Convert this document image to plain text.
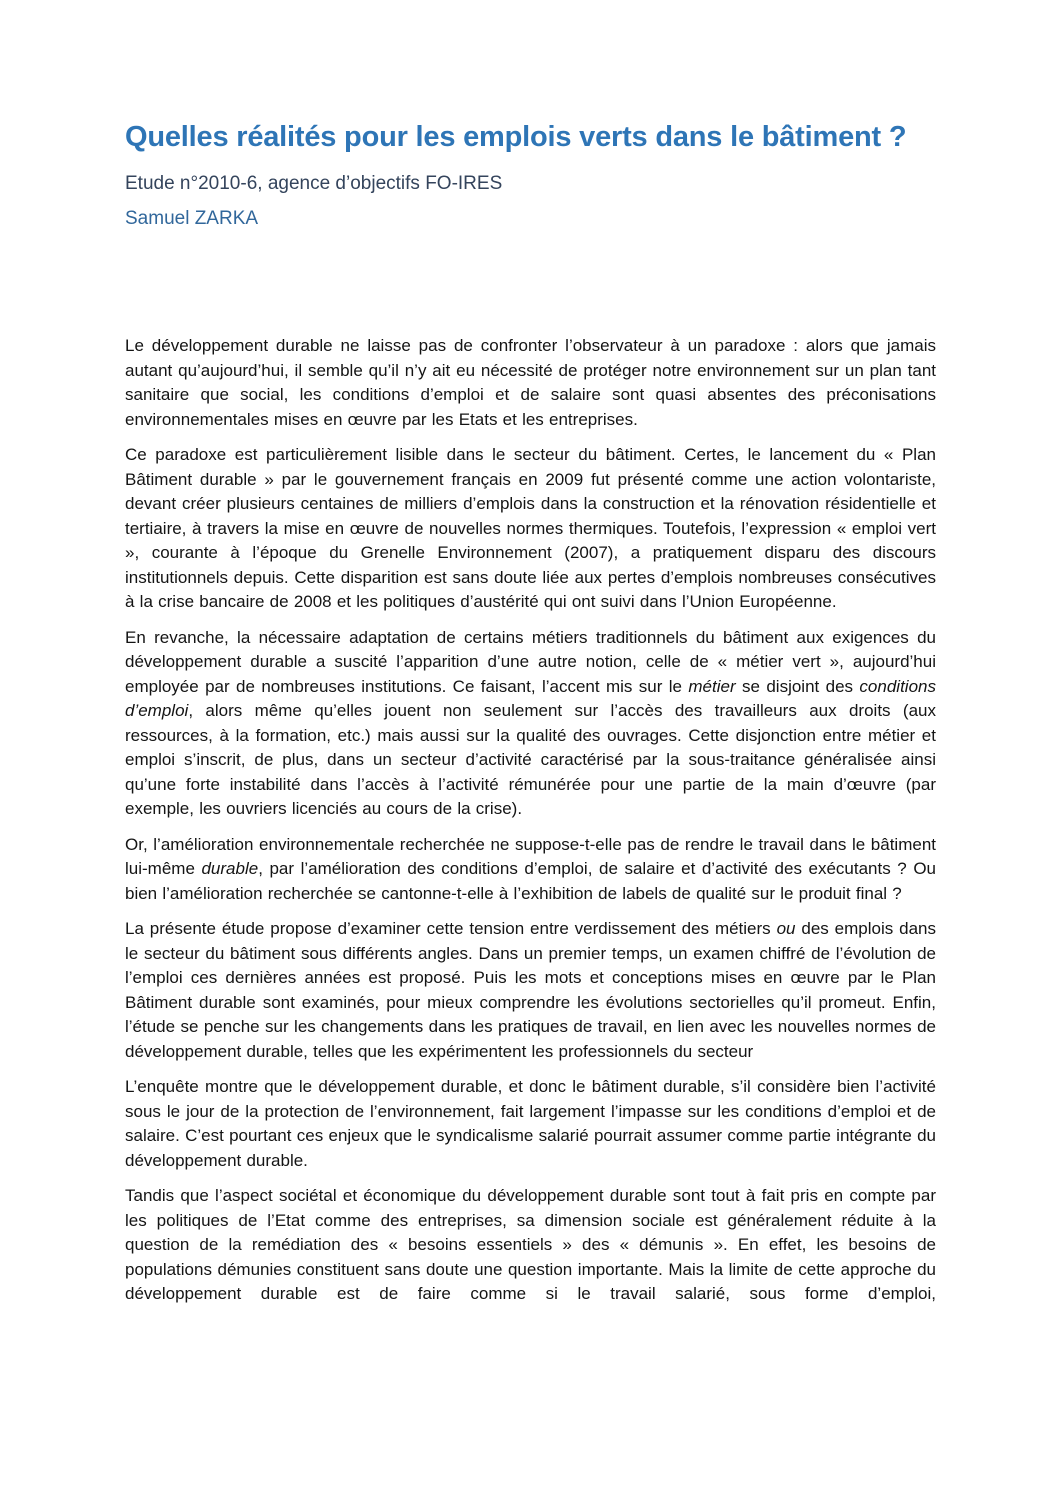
Quelles réalités pour les emplois verts dans le bâtiment ?

Etude n°2010-6, agence d’objectifs FO-IRES

Samuel ZARKA

Le développement durable ne laisse pas de confronter l’observateur à un paradoxe : alors que jamais autant qu’aujourd’hui, il semble qu’il n’y ait eu nécessité de protéger notre environnement sur un plan tant sanitaire que social, les conditions d’emploi et de salaire sont quasi absentes des préconisations environnementales mises en œuvre par les Etats et les entreprises.

Ce paradoxe est particulièrement lisible dans le secteur du bâtiment. Certes, le lancement du « Plan Bâtiment durable » par le gouvernement français en 2009 fut présenté comme une action volontariste, devant créer plusieurs centaines de milliers d’emplois dans la construction et la rénovation résidentielle et tertiaire, à travers la mise en œuvre de nouvelles normes thermiques. Toutefois, l’expression « emploi vert », courante à l’époque du Grenelle Environnement (2007), a pratiquement disparu des discours institutionnels depuis. Cette disparition est sans doute liée aux pertes d’emplois nombreuses consécutives à la crise bancaire de 2008 et les politiques d’austérité qui ont suivi dans l’Union Européenne.

En revanche, la nécessaire adaptation de certains métiers traditionnels du bâtiment aux exigences du développement durable a suscité l’apparition d’une autre notion, celle de « métier vert », aujourd’hui employée par de nombreuses institutions. Ce faisant, l’accent mis sur le métier se disjoint des conditions d’emploi, alors même qu’elles jouent non seulement sur l’accès des travailleurs aux droits (aux ressources, à la formation, etc.) mais aussi sur la qualité des ouvrages. Cette disjonction entre métier et emploi s’inscrit, de plus, dans un secteur d’activité caractérisé par la sous-traitance généralisée ainsi qu’une forte instabilité dans l’accès à l’activité rémunérée pour une partie de la main d’œuvre (par exemple, les ouvriers licenciés au cours de la crise).

Or, l’amélioration environnementale recherchée ne suppose-t-elle pas de rendre le travail dans le bâtiment lui-même durable, par l’amélioration des conditions d’emploi, de salaire et d’activité des exécutants ? Ou bien l’amélioration recherchée se cantonne-t-elle à l’exhibition de labels de qualité sur le produit final ?

La présente étude propose d’examiner cette tension entre verdissement des métiers ou des emplois dans le secteur du bâtiment sous différents angles. Dans un premier temps, un examen chiffré de l’évolution de l’emploi ces dernières années est proposé. Puis les mots et conceptions mises en œuvre par le Plan Bâtiment durable sont examinés, pour mieux comprendre les évolutions sectorielles qu’il promeut. Enfin, l’étude se penche sur les changements dans les pratiques de travail, en lien avec les nouvelles normes de développement durable, telles que les expérimentent les professionnels du secteur

L’enquête montre que le développement durable, et donc le bâtiment durable, s’il considère bien l’activité sous le jour de la protection de l’environnement, fait largement l’impasse sur les conditions d’emploi et de salaire. C’est pourtant ces enjeux que le syndicalisme salarié pourrait assumer comme partie intégrante du développement durable.

Tandis que l’aspect sociétal et économique du développement durable sont tout à fait pris en compte par les politiques de l’Etat comme des entreprises, sa dimension sociale est généralement réduite à la question de la remédiation des « besoins essentiels » des « démunis ». En effet, les besoins de populations démunies constituent sans doute une question importante. Mais la limite de cette approche du développement durable est de faire comme si le travail salarié, sous forme d’emploi,
